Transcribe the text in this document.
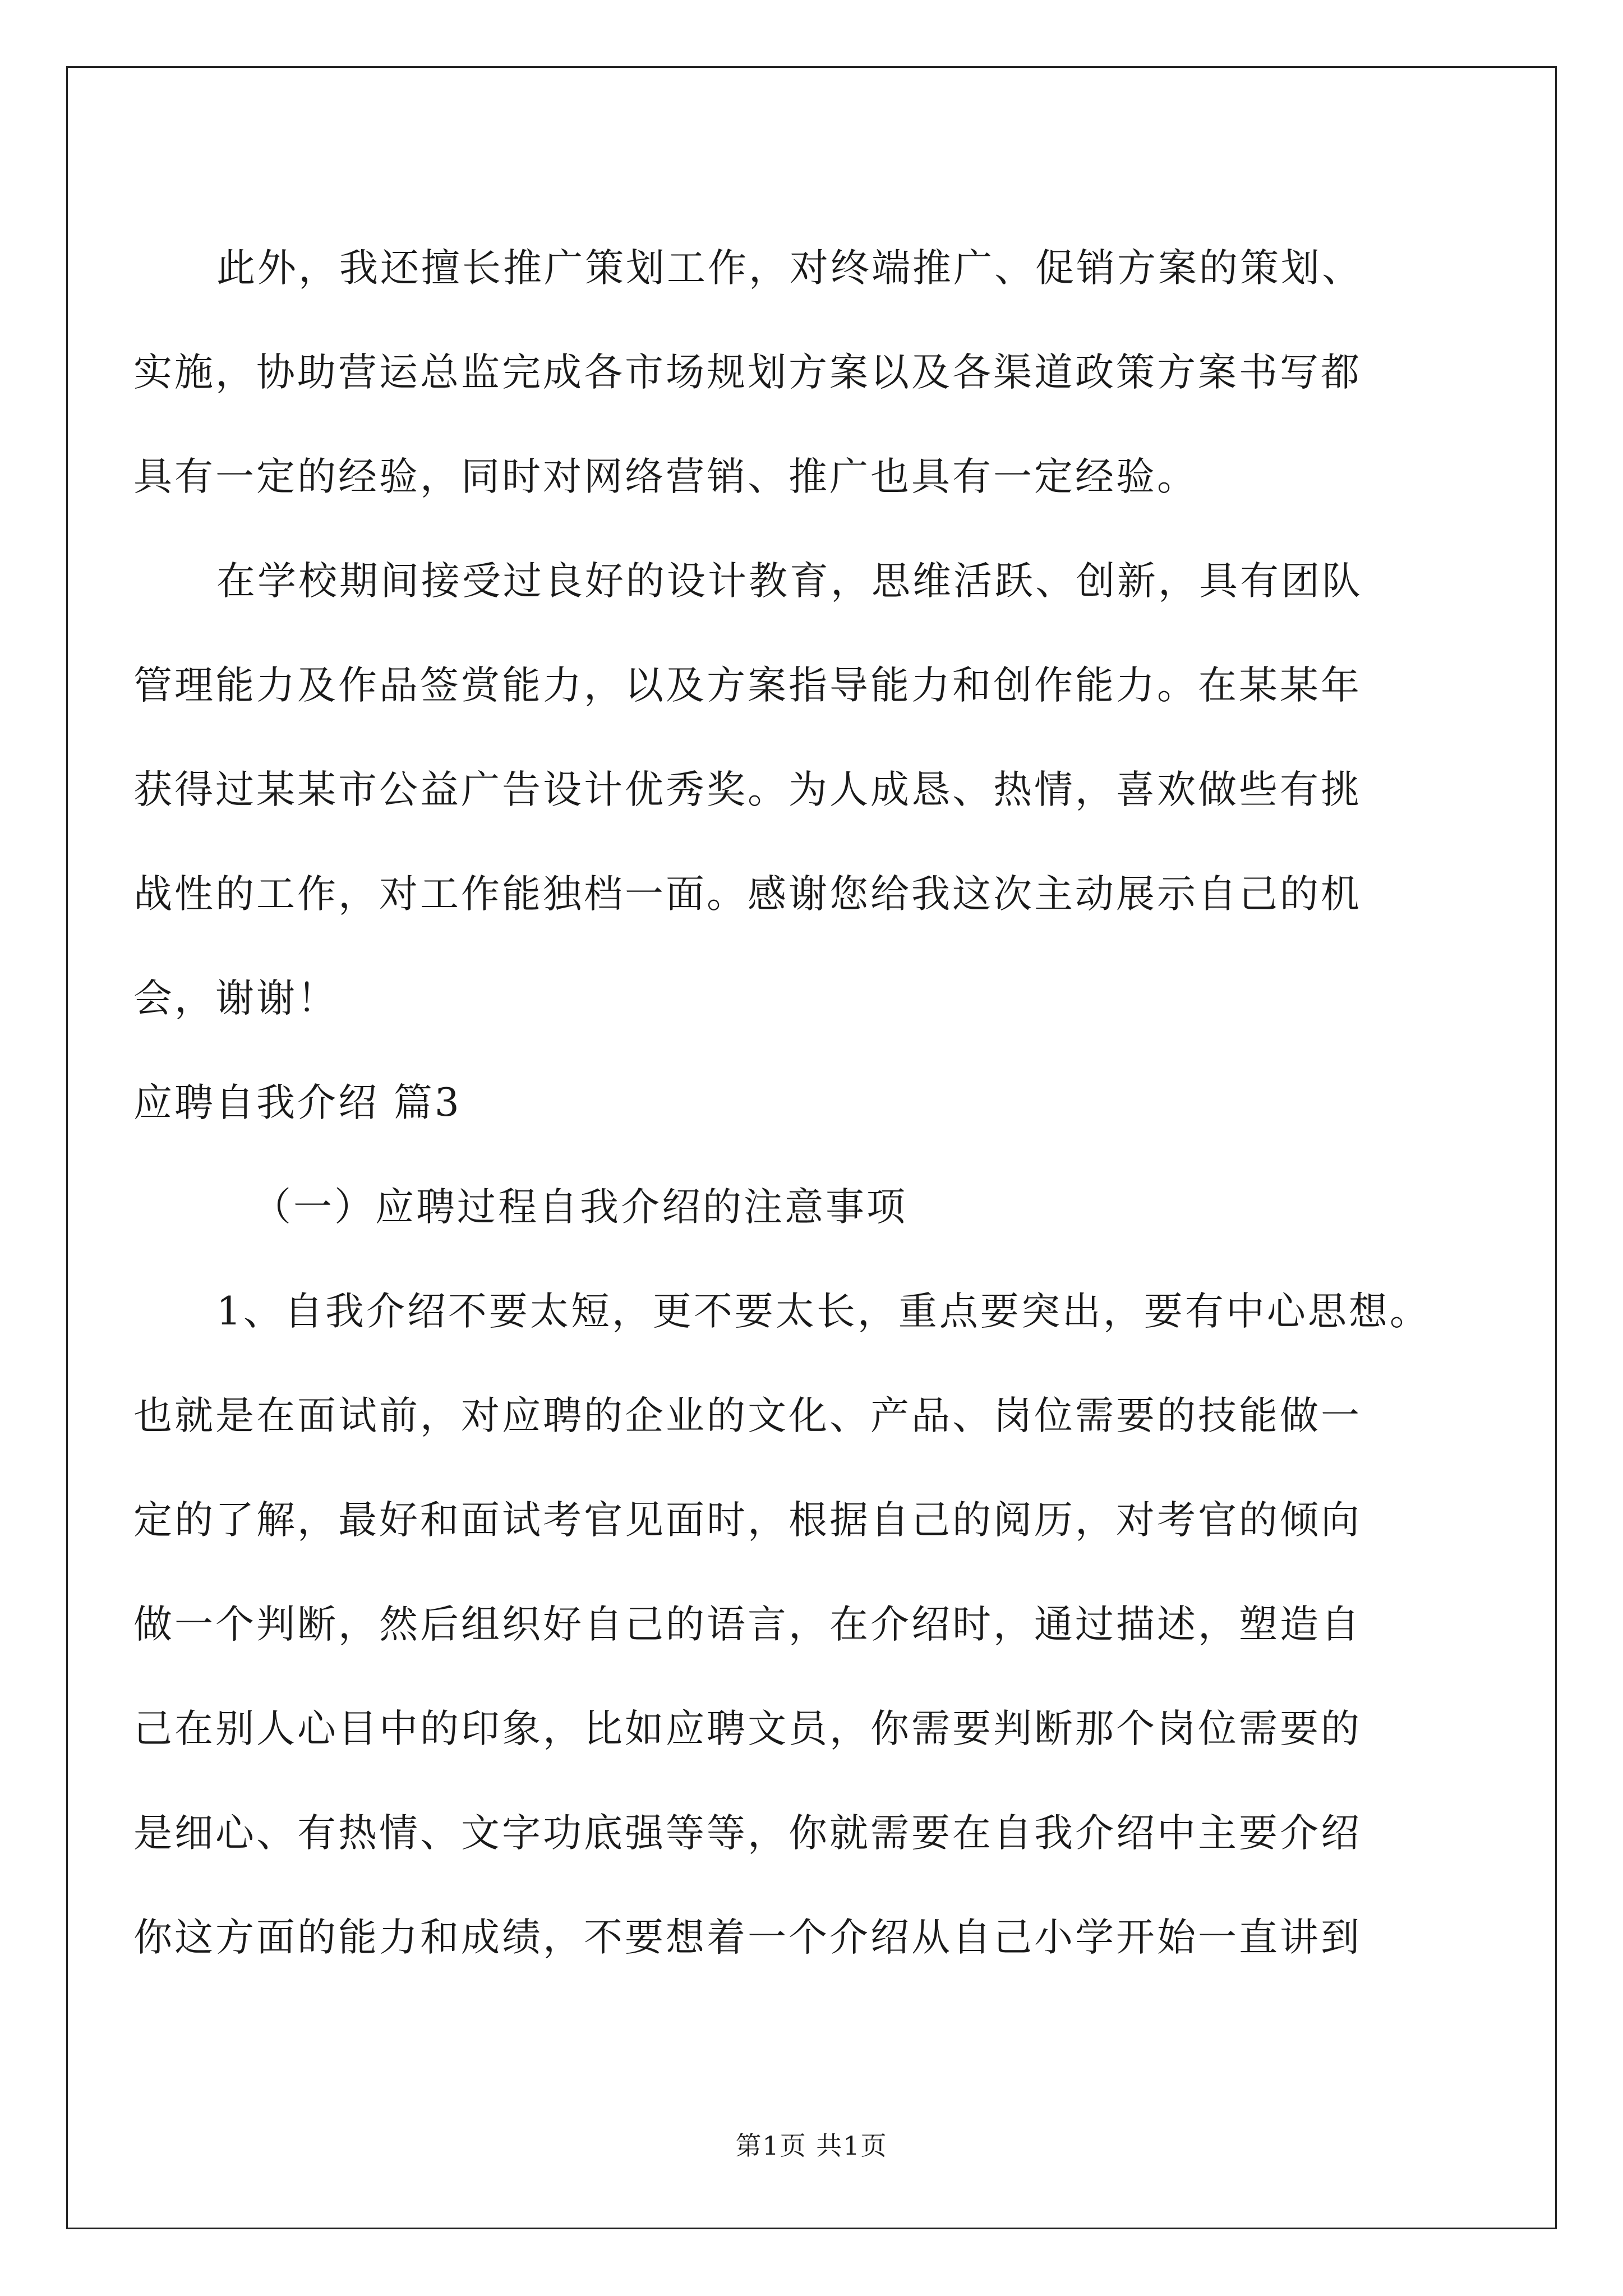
此外，我还擅长推广策划工作，对终端推广、促销方案的策划、
实施，协助营运总监完成各市场规划方案以及各渠道政策方案书写都
具有一定的经验，同时对网络营销、推广也具有一定经验。
在学校期间接受过良好的设计教育，思维活跃、创新，具有团队
管理能力及作品签赏能力，以及方案指导能力和创作能力。在某某年
获得过某某市公益广告设计优秀奖。为人成恳、热情，喜欢做些有挑
战性的工作，对工作能独档一面。感谢您给我这次主动展示自己的机
会，谢谢！
应聘自我介绍 篇3
（一）应聘过程自我介绍的注意事项
1、自我介绍不要太短，更不要太长，重点要突出，要有中心思想。
也就是在面试前，对应聘的企业的文化、产品、岗位需要的技能做一
定的了解，最好和面试考官见面时，根据自己的阅历，对考官的倾向
做一个判断，然后组织好自己的语言，在介绍时，通过描述，塑造自
己在别人心目中的印象，比如应聘文员，你需要判断那个岗位需要的
是细心、有热情、文字功底强等等，你就需要在自我介绍中主要介绍
你这方面的能力和成绩，不要想着一个介绍从自己小学开始一直讲到
第1页 共1页
